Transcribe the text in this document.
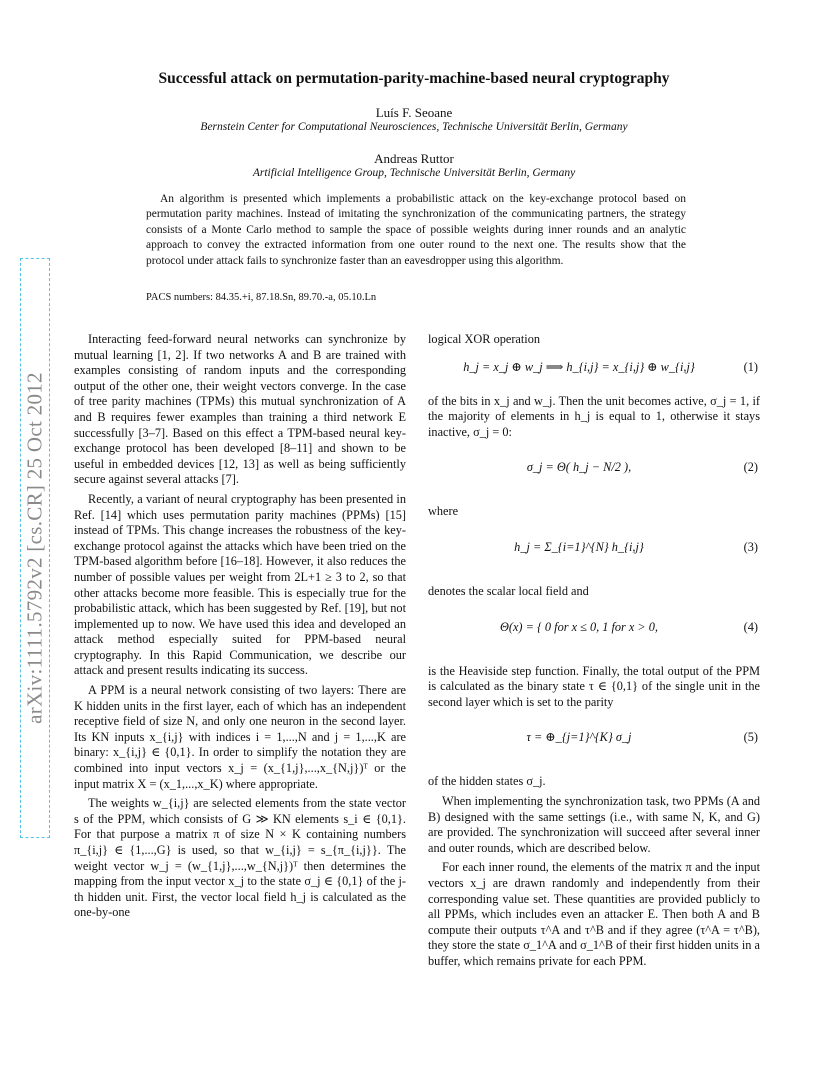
arXiv:1111.5792v2 [cs.CR] 25 Oct 2012
Successful attack on permutation-parity-machine-based neural cryptography
Luís F. Seoane
Bernstein Center for Computational Neurosciences, Technische Universität Berlin, Germany
Andreas Ruttor
Artificial Intelligence Group, Technische Universität Berlin, Germany

An algorithm is presented which implements a probabilistic attack on the key-exchange protocol based on permutation parity machines. Instead of imitating the synchronization of the communicating partners, the strategy consists of a Monte Carlo method to sample the space of possible weights during inner rounds and an analytic approach to convey the extracted information from one outer round to the next one. The results show that the protocol under attack fails to synchronize faster than an eavesdropper using this algorithm.

PACS numbers: 84.35.+i, 87.18.Sn, 89.70.-a, 05.10.Ln

Interacting feed-forward neural networks can synchronize by mutual learning [1, 2]. If two networks A and B are trained with examples consisting of random inputs and the corresponding output of the other one, their weight vectors converge. In the case of tree parity machines (TPMs) this mutual synchronization of A and B requires fewer examples than training a third network E successfully [3–7]. Based on this effect a TPM-based neural key-exchange protocol has been developed [8–11] and shown to be useful in embedded devices [12, 13] as well as being sufficiently secure against several attacks [7].

Recently, a variant of neural cryptography has been presented in Ref. [14] which uses permutation parity machines (PPMs) [15] instead of TPMs. This change increases the robustness of the key-exchange protocol against the attacks which have been tried on the TPM-based algorithm before [16–18]. However, it also reduces the number of possible values per weight from 2L+1 ≥ 3 to 2, so that other attacks become more feasible. This is especially true for the probabilistic attack, which has been suggested by Ref. [19], but not implemented up to now. We have used this idea and developed an attack method especially suited for PPM-based neural cryptography. In this Rapid Communication, we describe our attack and present results indicating its success.

A PPM is a neural network consisting of two layers: There are K hidden units in the first layer, each of which has an independent receptive field of size N, and only one neuron in the second layer. Its KN inputs x_{i,j} with indices i = 1,...,N and j = 1,...,K are binary: x_{i,j} ∈ {0,1}. In order to simplify the notation they are combined into input vectors x_j = (x_{1,j},...,x_{N,j})ᵀ or the input matrix X = (x_1,...,x_K) where appropriate.

The weights w_{i,j} are selected elements from the state vector s of the PPM, which consists of G ≫ KN elements s_i ∈ {0,1}. For that purpose a matrix π of size N × K containing numbers π_{i,j} ∈ {1,...,G} is used, so that w_{i,j} = s_{π_{i,j}}. The weight vector w_j = (w_{1,j},...,w_{N,j})ᵀ then determines the mapping from the input vector x_j to the state σ_j ∈ {0,1} of the j-th hidden unit. First, the vector local field h_j is calculated as the one-by-one

logical XOR operation

h_j = x_j ⊕ w_j ⟹ h_{i,j} = x_{i,j} ⊕ w_{i,j}	(1)

of the bits in x_j and w_j. Then the unit becomes active, σ_j = 1, if the majority of elements in h_j is equal to 1, otherwise it stays inactive, σ_j = 0:

σ_j = Θ( h_j − N/2 ),	(2)

where

h_j = Σ_{i=1}^{N} h_{i,j}	(3)

denotes the scalar local field and

Θ(x) = { 0 for x ≤ 0, 1 for x > 0,	(4)

is the Heaviside step function. Finally, the total output of the PPM is calculated as the binary state τ ∈ {0,1} of the single unit in the second layer which is set to the parity

τ = ⊕_{j=1}^{K} σ_j	(5)

of the hidden states σ_j.

When implementing the synchronization task, two PPMs (A and B) designed with the same settings (i.e., with same N, K, and G) are provided. The synchronization will succeed after several inner and outer rounds, which are described below.

For each inner round, the elements of the matrix π and the input vectors x_j are drawn randomly and independently from their corresponding value set. These quantities are provided publicly to all PPMs, which includes even an attacker E. Then both A and B compute their outputs τ^A and τ^B and if they agree (τ^A = τ^B), they store the state σ_1^A and σ_1^B of their first hidden units in a buffer, which remains private for each PPM.
